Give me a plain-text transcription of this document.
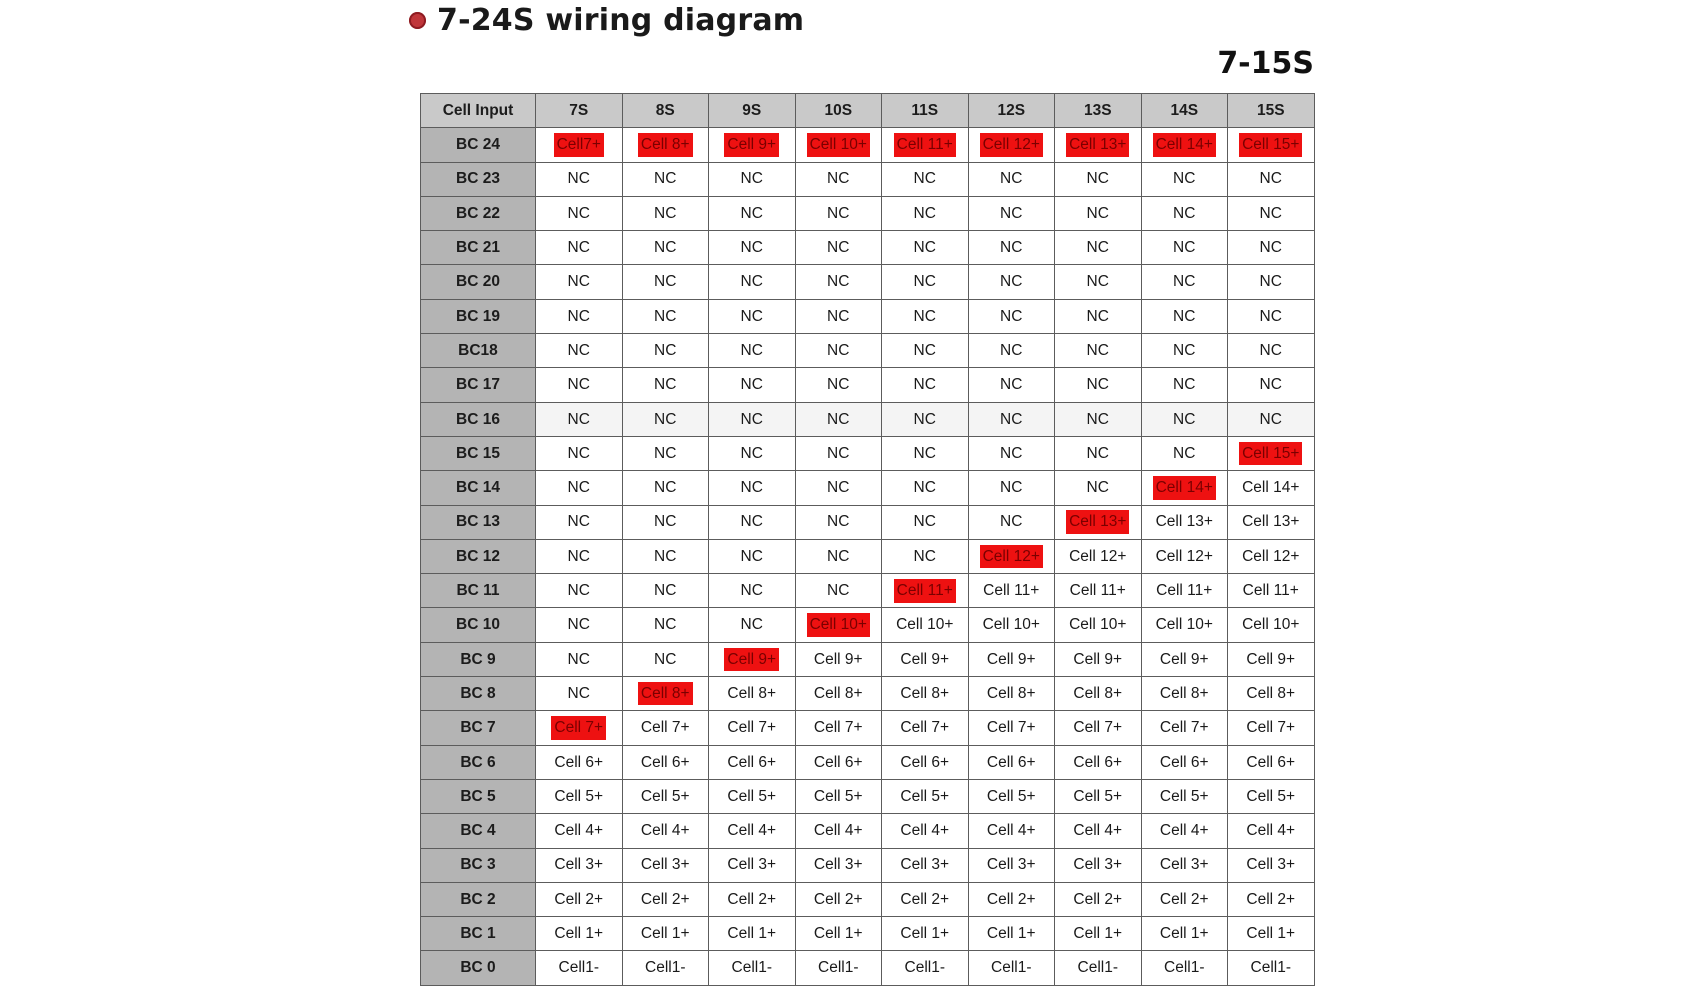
7-24S wiring diagram
7-15S
Cell Input	7S	8S	9S	10S	11S	12S	13S	14S	15S
BC 24	Cell7+	Cell 8+	Cell 9+	Cell 10+	Cell 11+	Cell 12+	Cell 13+	Cell 14+	Cell 15+
BC 23	NC	NC	NC	NC	NC	NC	NC	NC	NC
BC 22	NC	NC	NC	NC	NC	NC	NC	NC	NC
BC 21	NC	NC	NC	NC	NC	NC	NC	NC	NC
BC 20	NC	NC	NC	NC	NC	NC	NC	NC	NC
BC 19	NC	NC	NC	NC	NC	NC	NC	NC	NC
BC18	NC	NC	NC	NC	NC	NC	NC	NC	NC
BC 17	NC	NC	NC	NC	NC	NC	NC	NC	NC
BC 16	NC	NC	NC	NC	NC	NC	NC	NC	NC
BC 15	NC	NC	NC	NC	NC	NC	NC	NC	Cell 15+
BC 14	NC	NC	NC	NC	NC	NC	NC	Cell 14+	Cell 14+
BC 13	NC	NC	NC	NC	NC	NC	Cell 13+	Cell 13+	Cell 13+
BC 12	NC	NC	NC	NC	NC	Cell 12+	Cell 12+	Cell 12+	Cell 12+
BC 11	NC	NC	NC	NC	Cell 11+	Cell 11+	Cell 11+	Cell 11+	Cell 11+
BC 10	NC	NC	NC	Cell 10+	Cell 10+	Cell 10+	Cell 10+	Cell 10+	Cell 10+
BC 9	NC	NC	Cell 9+	Cell 9+	Cell 9+	Cell 9+	Cell 9+	Cell 9+	Cell 9+
BC 8	NC	Cell 8+	Cell 8+	Cell 8+	Cell 8+	Cell 8+	Cell 8+	Cell 8+	Cell 8+
BC 7	Cell 7+	Cell 7+	Cell 7+	Cell 7+	Cell 7+	Cell 7+	Cell 7+	Cell 7+	Cell 7+
BC 6	Cell 6+	Cell 6+	Cell 6+	Cell 6+	Cell 6+	Cell 6+	Cell 6+	Cell 6+	Cell 6+
BC 5	Cell 5+	Cell 5+	Cell 5+	Cell 5+	Cell 5+	Cell 5+	Cell 5+	Cell 5+	Cell 5+
BC 4	Cell 4+	Cell 4+	Cell 4+	Cell 4+	Cell 4+	Cell 4+	Cell 4+	Cell 4+	Cell 4+
BC 3	Cell 3+	Cell 3+	Cell 3+	Cell 3+	Cell 3+	Cell 3+	Cell 3+	Cell 3+	Cell 3+
BC 2	Cell 2+	Cell 2+	Cell 2+	Cell 2+	Cell 2+	Cell 2+	Cell 2+	Cell 2+	Cell 2+
BC 1	Cell 1+	Cell 1+	Cell 1+	Cell 1+	Cell 1+	Cell 1+	Cell 1+	Cell 1+	Cell 1+
BC 0	Cell1-	Cell1-	Cell1-	Cell1-	Cell1-	Cell1-	Cell1-	Cell1-	Cell1-
